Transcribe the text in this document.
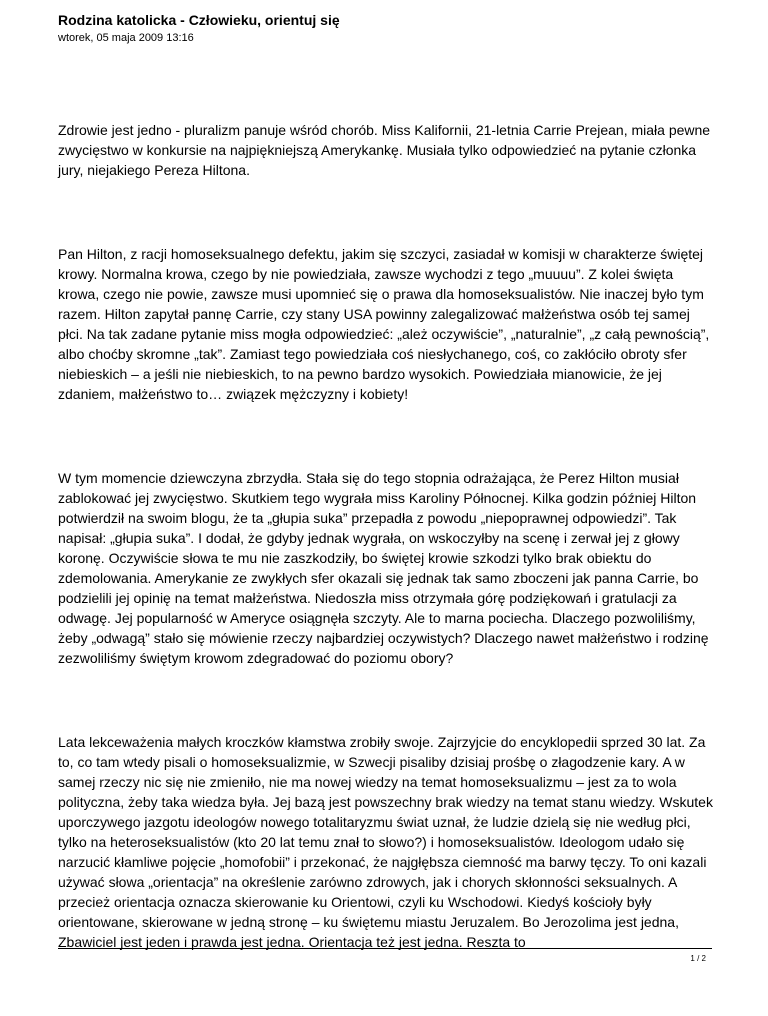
Rodzina katolicka - Człowieku, orientuj się
wtorek, 05 maja 2009 13:16

Zdrowie jest jedno - pluralizm panuje wśród chorób. Miss Kalifornii, 21-letnia Carrie Prejean, miała pewne zwycięstwo w konkursie na najpiękniejszą Amerykankę. Musiała tylko odpowiedzieć na pytanie członka jury, niejakiego Pereza Hiltona.

Pan Hilton, z racji homoseksualnego defektu, jakim się szczyci, zasiadał w komisji w charakterze świętej krowy. Normalna krowa, czego by nie powiedziała, zawsze wychodzi z tego „muuuu”. Z kolei święta krowa, czego nie powie, zawsze musi upomnieć się o prawa dla homoseksualistów. Nie inaczej było tym razem. Hilton zapytał pannę Carrie, czy stany USA powinny zalegalizować małżeństwa osób tej samej płci. Na tak zadane pytanie miss mogła odpowiedzieć: „ależ oczywiście”, „naturalnie”, „z całą pewnością”, albo choćby skromne „tak”. Zamiast tego powiedziała coś niesłychanego, coś, co zakłóciło obroty sfer niebieskich – a jeśli nie niebieskich, to na pewno bardzo wysokich. Powiedziała mianowicie, że jej zdaniem, małżeństwo to… związek mężczyzny i kobiety!

W tym momencie dziewczyna zbrzydła. Stała się do tego stopnia odrażająca, że Perez Hilton musiał zablokować jej zwycięstwo. Skutkiem tego wygrała miss Karoliny Północnej. Kilka godzin później Hilton potwierdził na swoim blogu, że ta „głupia suka” przepadła z powodu „niepoprawnej odpowiedzi”. Tak napisał: „głupia suka”. I dodał, że gdyby jednak wygrała, on wskoczyłby na scenę i zerwał jej z głowy koronę. Oczywiście słowa te mu nie zaszkodziły, bo świętej krowie szkodzi tylko brak obiektu do zdemolowania. Amerykanie ze zwykłych sfer okazali się jednak tak samo zboczeni jak panna Carrie, bo podzielili jej opinię na temat małżeństwa. Niedoszła miss otrzymała górę podziękowań i gratulacji za odwagę. Jej popularność w Ameryce osiągnęła szczyty. Ale to marna pociecha. Dlaczego pozwoliliśmy, żeby „odwagą” stało się mówienie rzeczy najbardziej oczywistych? Dlaczego nawet małżeństwo i rodzinę zezwoliliśmy świętym krowom zdegradować do poziomu obory?

Lata lekceważenia małych kroczków kłamstwa zrobiły swoje. Zajrzyjcie do encyklopedii sprzed 30 lat. Za to, co tam wtedy pisali o homoseksualizmie, w Szwecji pisaliby dzisiaj prośbę o złagodzenie kary. A w samej rzeczy nic się nie zmieniło, nie ma nowej wiedzy na temat homoseksualizmu – jest za to wola polityczna, żeby taka wiedza była. Jej bazą jest powszechny brak wiedzy na temat stanu wiedzy. Wskutek uporczywego jazgotu ideologów nowego totalitaryzmu świat uznał, że ludzie dzielą się nie według płci, tylko na heteroseksualistów (kto 20 lat temu znał to słowo?) i homoseksualistów. Ideologom udało się narzucić kłamliwe pojęcie „homofobii” i przekonać, że najgłębsza ciemność ma barwy tęczy. To oni kazali używać słowa „orientacja” na określenie zarówno zdrowych, jak i chorych skłonności seksualnych. A przecież orientacja oznacza skierowanie ku Orientowi, czyli ku Wschodowi. Kiedyś kościoły były orientowane, skierowane w jedną stronę – ku świętemu miastu Jeruzalem. Bo Jerozolima jest jedna, Zbawiciel jest jeden i prawda jest jedna. Orientacja też jest jedna. Reszta to

1 / 2
